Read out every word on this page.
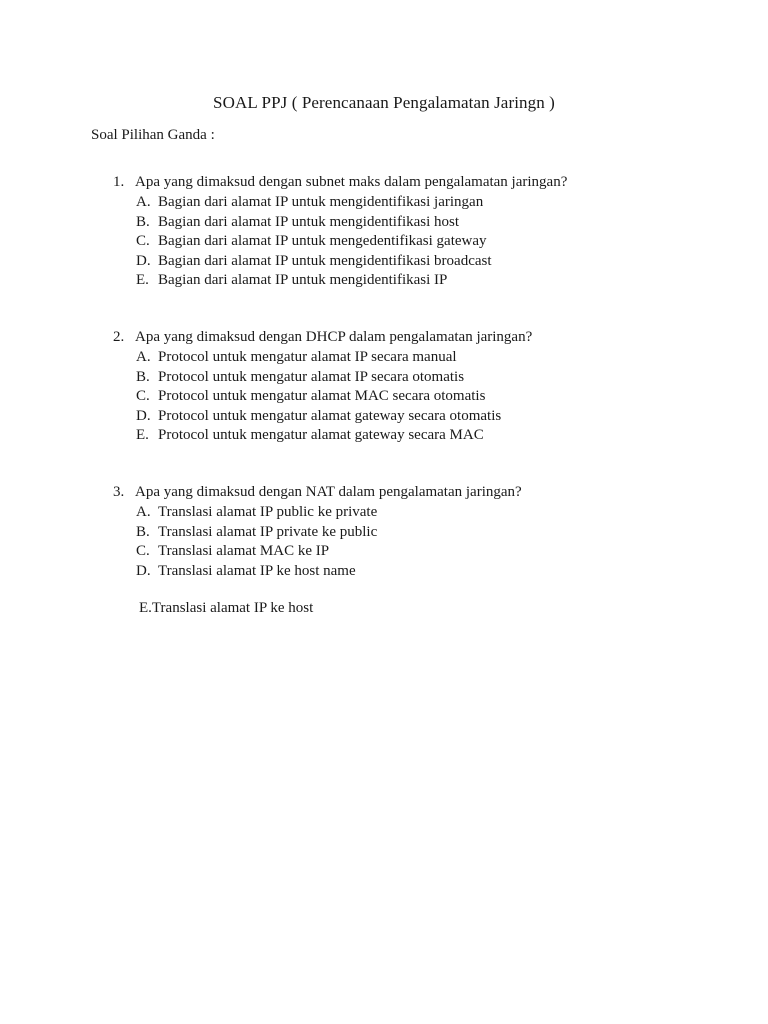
SOAL PPJ ( Perencanaan Pengalamatan Jaringn )
Soal Pilihan Ganda :
1. Apa yang dimaksud dengan subnet maks dalam pengalamatan jaringan?
A. Bagian dari alamat IP untuk mengidentifikasi jaringan
B. Bagian dari alamat IP untuk mengidentifikasi host
C. Bagian dari alamat IP untuk mengedentifikasi gateway
D. Bagian dari alamat IP untuk mengidentifikasi broadcast
E. Bagian dari alamat IP untuk mengidentifikasi IP
2. Apa yang dimaksud dengan DHCP dalam pengalamatan jaringan?
A. Protocol untuk mengatur alamat IP secara manual
B. Protocol untuk mengatur alamat IP secara otomatis
C. Protocol untuk mengatur alamat MAC secara otomatis
D. Protocol untuk mengatur alamat gateway secara otomatis
E. Protocol untuk mengatur alamat gateway secara MAC
3. Apa yang dimaksud dengan NAT dalam pengalamatan jaringan?
A. Translasi alamat IP public ke private
B. Translasi alamat IP private ke public
C. Translasi alamat MAC ke IP
D. Translasi alamat IP ke host name
E.Translasi alamat IP ke host
